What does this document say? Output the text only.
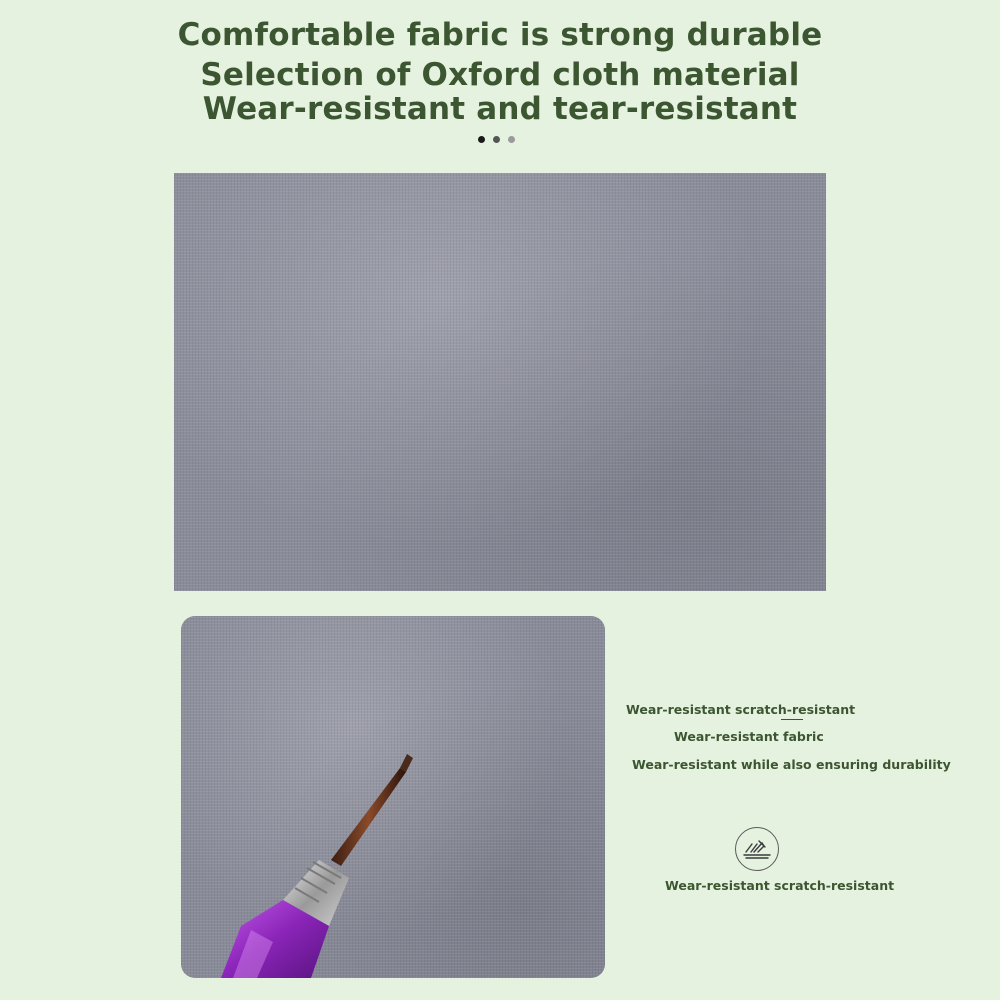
Comfortable fabric is strong durable
Selection of Oxford cloth material
Wear-resistant and tear-resistant

Wear-resistant scratch-resistant

Wear-resistant fabric

Wear-resistant while also ensuring durability

Wear-resistant scratch-resistant
